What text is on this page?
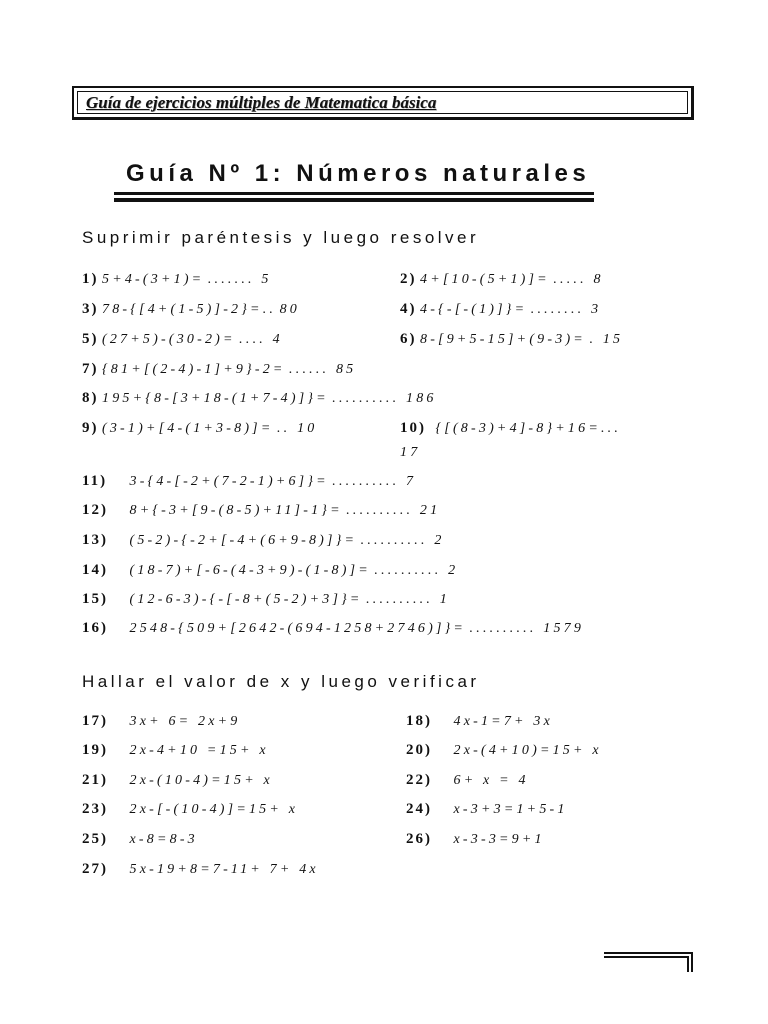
Guía de ejercicios múltiples de Matematica básica
Guía Nº 1: Números naturales
Suprimir paréntesis y luego resolver
1) 5+4-(3+1)= ....... 5	2) 4+[10-(5+1)]= ..... 8
3) 78-{[4+(1-5)]-2}=.. 80	4) 4-{-[-(1)]}= ........ 3
5) (27+5)-(30-2)= .... 4	6) 8-[9+5-15]+(9-3)= . 15
7) {81+[(2-4)-1]+9}-2= ...... 85
8) 195+{8-[3+18-(1+7-4)]}= .......... 186
9) (3-1)+[4-(1+3-8)]= .. 10	10) {[(8-3)+4]-8}+16=...
17
11) 3-{4-[-2+(7-2-1)+6]}= .......... 7
12) 8+{-3+[9-(8-5)+11]-1}= .......... 21
13) (5-2)-{-2+[-4+(6+9-8)]}= .......... 2
14) (18-7)+[-6-(4-3+9)-(1-8)]= .......... 2
15) (12-6-3)-{-[-8+(5-2)+3]}= .......... 1
16) 2548-{509+[2642-(694-1258+2746)]}= .......... 1579
Hallar el valor de x y luego verificar
17) 3x+ 6= 2x+9	18) 4x-1=7+ 3x
19) 2x-4+10 =15+ x	20) 2x-(4+10)=15+ x
21) 2x-(10-4)=15+ x	22) 6+ x = 4
23) 2x-[-(10-4)]=15+ x	24) x-3+3=1+5-1
25) x-8=8-3	26) x-3-3=9+1
27) 5x-19+8=7-11+ 7+ 4x
